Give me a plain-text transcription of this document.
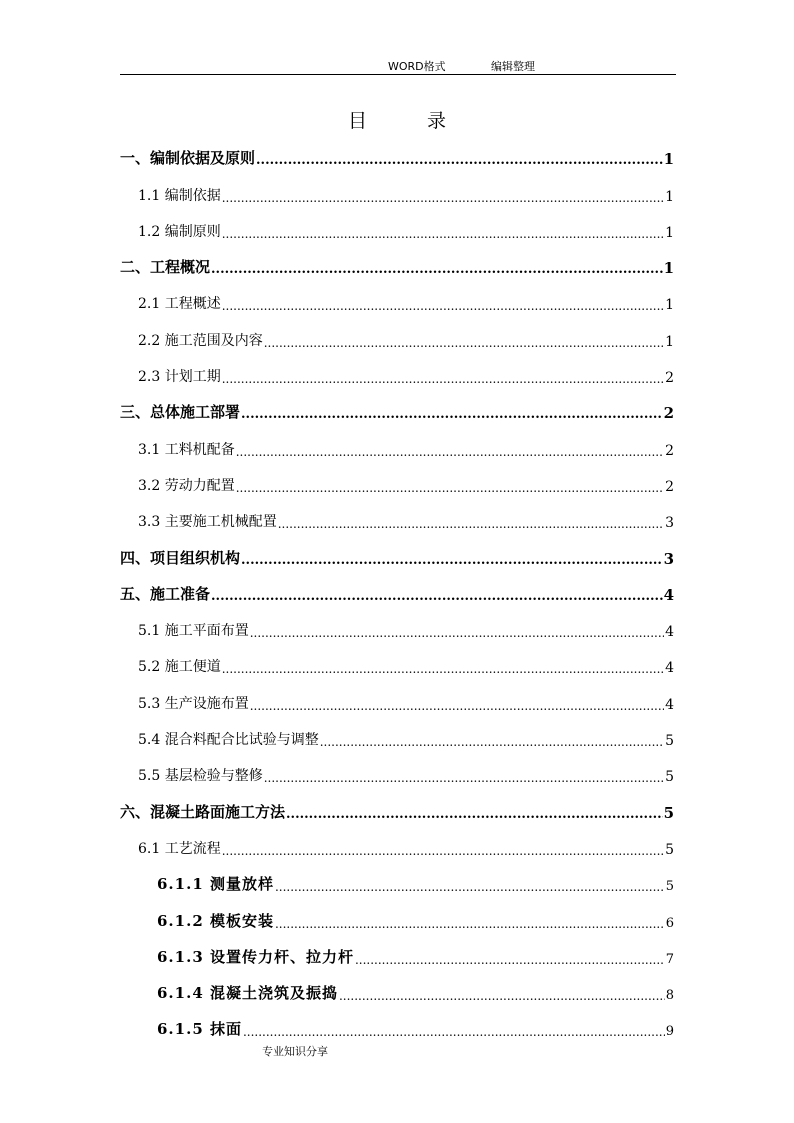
WORD格式	编辑整理
目	录
一、编制依据及原则 .....	1
1.1 编制依据 .....	1
1.2 编制原则 .....	1
二、工程概况 .....	1
2.1 工程概述 .....	1
2.2 施工范围及内容 .....	1
2.3 计划工期 .....	2
三、总体施工部署 .....	2
3.1 工料机配备 .....	2
3.2 劳动力配置 .....	2
3.3 主要施工机械配置 .....	3
四、项目组织机构 .....	3
五、施工准备 .....	4
5.1 施工平面布置 .....	4
5.2 施工便道 .....	4
5.3 生产设施布置 .....	4
5.4 混合料配合比试验与调整 .....	5
5.5 基层检验与整修 .....	5
六、混凝土路面施工方法 .....	5
6.1 工艺流程 .....	5
6.1.1 测量放样 .....	5
6.1.2 模板安装 .....	6
6.1.3 设置传力杆、拉力杆 .....	7
6.1.4 混凝土浇筑及振捣 .....	8
6.1.5 抹面 .....	9
专业知识分享
